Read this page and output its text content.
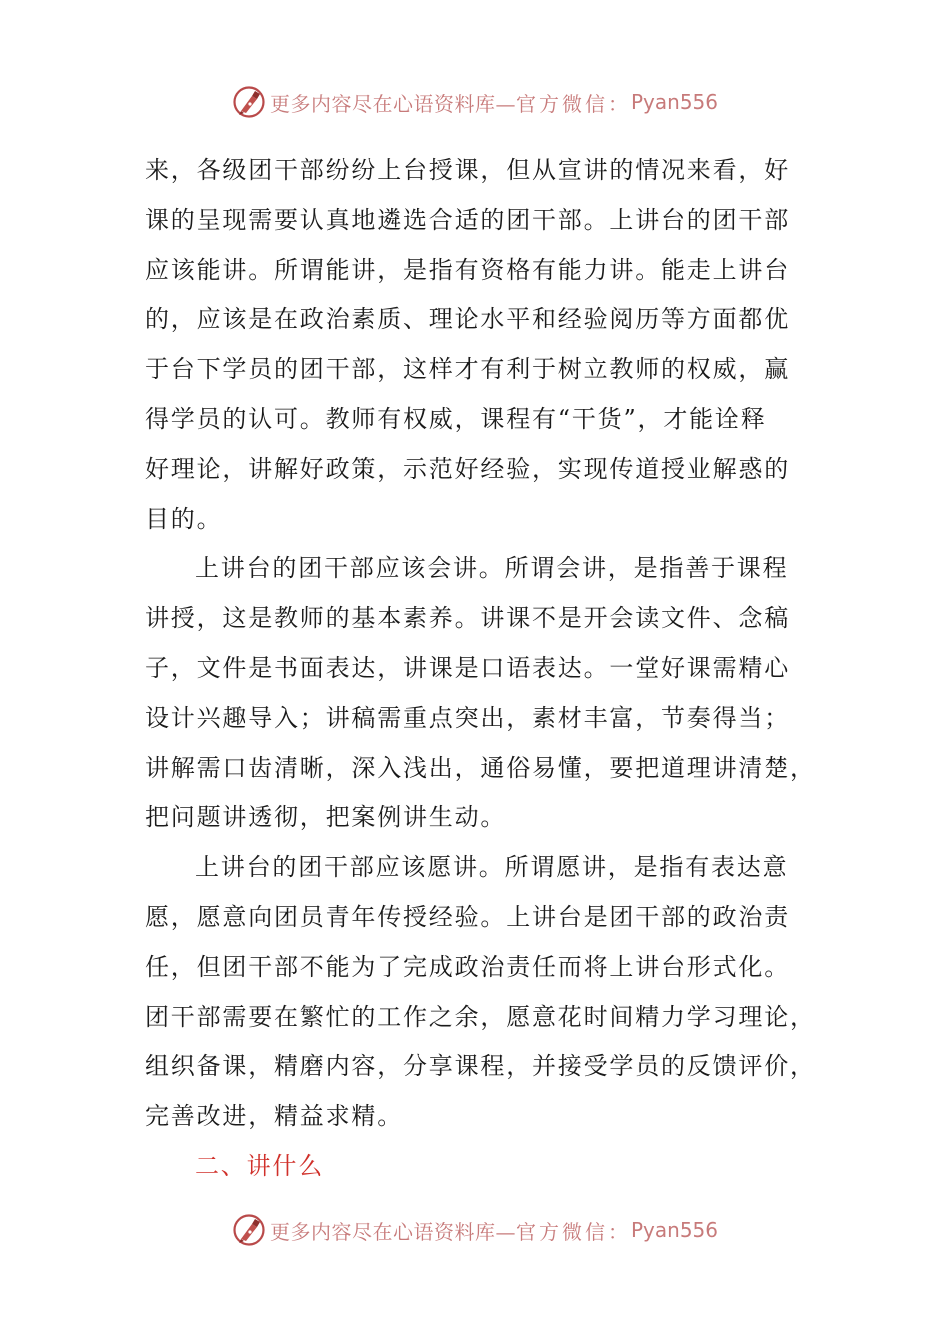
更多内容尽在心语资料库— 官方微信： Pyan556
来，各级团干部纷纷上台授课，但从宣讲的情况来看，好
课的呈现需要认真地遴选合适的团干部。上讲台的团干部
应该能讲。所谓能讲，是指有资格有能力讲。能走上讲台
的，应该是在政治素质、理论水平和经验阅历等方面都优
于台下学员的团干部，这样才有利于树立教师的权威，赢
得学员的认可。教师有权威，课程有“干货”，才能诠释
好理论，讲解好政策，示范好经验，实现传道授业解惑的
目的。
上讲台的团干部应该会讲。所谓会讲，是指善于课程
讲授，这是教师的基本素养。讲课不是开会读文件、念稿
子，文件是书面表达，讲课是口语表达。一堂好课需精心
设计兴趣导入；讲稿需重点突出，素材丰富，节奏得当；
讲解需口齿清晰，深入浅出，通俗易懂，要把道理讲清楚，
把问题讲透彻，把案例讲生动。
上讲台的团干部应该愿讲。所谓愿讲，是指有表达意
愿，愿意向团员青年传授经验。上讲台是团干部的政治责
任，但团干部不能为了完成政治责任而将上讲台形式化。
团干部需要在繁忙的工作之余，愿意花时间精力学习理论，
组织备课，精磨内容，分享课程，并接受学员的反馈评价，
完善改进，精益求精。
二、讲什么
更多内容尽在心语资料库— 官方微信： Pyan556
